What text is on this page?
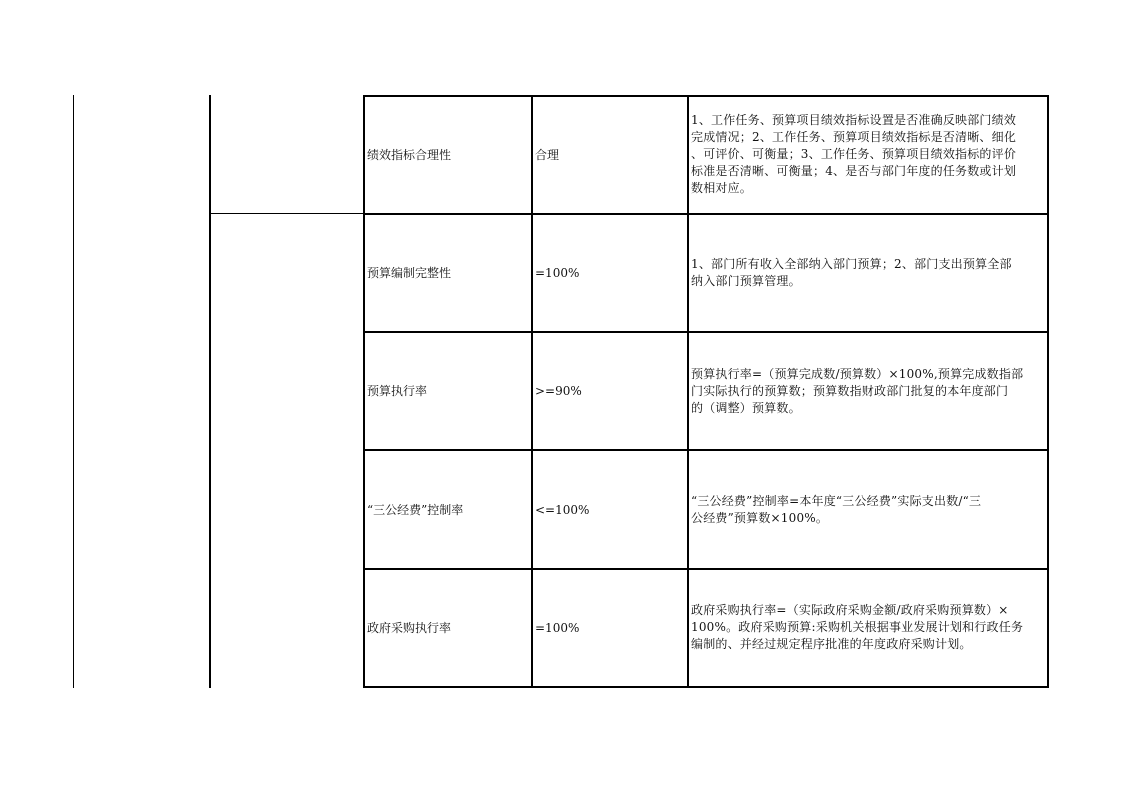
绩效指标合理性	合理
1、工作任务、预算项目绩效指标设置是否准确反映部门绩效
完成情况；2、工作任务、预算项目绩效指标是否清晰、细化
、可评价、可衡量；3、工作任务、预算项目绩效指标的评价
标准是否清晰、可衡量；4、是否与部门年度的任务数或计划
数相对应。
预算编制完整性	=100%
1、部门所有收入全部纳入部门预算；2、部门支出预算全部
纳入部门预算管理。
预算执行率	>=90%
预算执行率=（预算完成数/预算数）×100%,预算完成数指部
门实际执行的预算数；预算数指财政部门批复的本年度部门
的（调整）预算数。
“三公经费”控制率	<=100%
“三公经费”控制率=本年度“三公经费”实际支出数/“三
公经费”预算数×100%。
政府采购执行率	=100%
政府采购执行率=（实际政府采购金额/政府采购预算数）×
100%。政府采购预算:采购机关根据事业发展计划和行政任务
编制的、并经过规定程序批准的年度政府采购计划。
